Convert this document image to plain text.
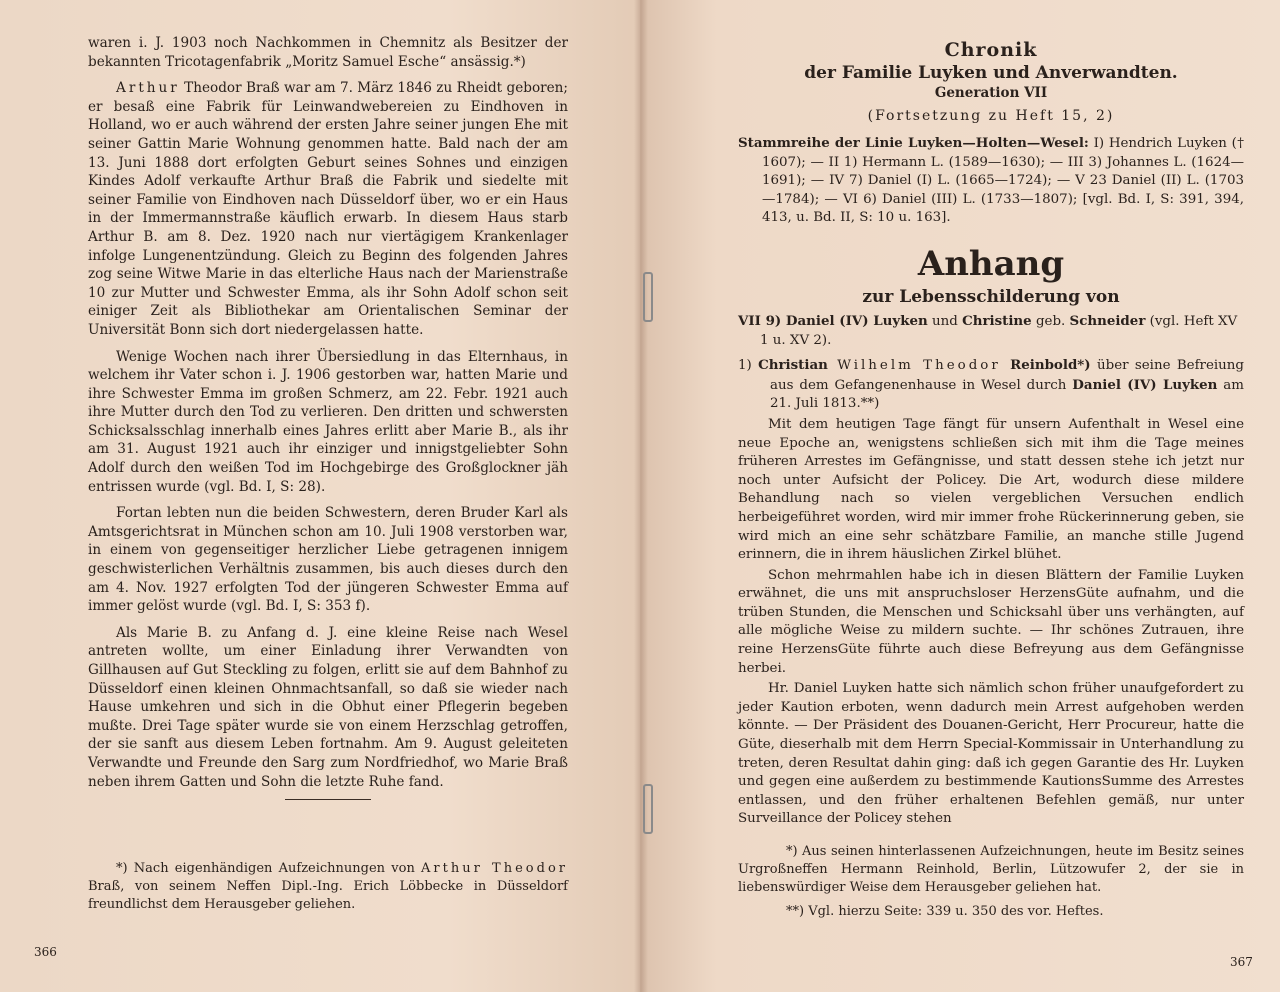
waren i. J. 1903 noch Nachkommen in Chemnitz als Besitzer der bekannten Tricotagenfabrik „Moritz Samuel Esche“ ansässig.*)

Arthur Theodor Braß war am 7. März 1846 zu Rheidt geboren; er besaß eine Fabrik für Leinwandwebereien zu Eindhoven in Holland, wo er auch während der ersten Jahre seiner jungen Ehe mit seiner Gattin Marie Wohnung genommen hatte. Bald nach der am 13. Juni 1888 dort erfolgten Geburt seines Sohnes und einzigen Kindes Adolf verkaufte Arthur Braß die Fabrik und siedelte mit seiner Familie von Eindhoven nach Düsseldorf über, wo er ein Haus in der Immermannstraße käuflich erwarb. In diesem Haus starb Arthur B. am 8. Dez. 1920 nach nur viertägigem Krankenlager infolge Lungenentzündung. Gleich zu Beginn des folgenden Jahres zog seine Witwe Marie in das elterliche Haus nach der Marienstraße 10 zur Mutter und Schwester Emma, als ihr Sohn Adolf schon seit einiger Zeit als Bibliothekar am Orientalischen Seminar der Universität Bonn sich dort niedergelassen hatte.

Wenige Wochen nach ihrer Übersiedlung in das Elternhaus, in welchem ihr Vater schon i. J. 1906 gestorben war, hatten Marie und ihre Schwester Emma im großen Schmerz, am 22. Febr. 1921 auch ihre Mutter durch den Tod zu verlieren. Den dritten und schwersten Schicksalsschlag innerhalb eines Jahres erlitt aber Marie B., als ihr am 31. August 1921 auch ihr einziger und innigstgeliebter Sohn Adolf durch den weißen Tod im Hochgebirge des Großglockner jäh entrissen wurde (vgl. Bd. I, S: 28).

Fortan lebten nun die beiden Schwestern, deren Bruder Karl als Amtsgerichtsrat in München schon am 10. Juli 1908 verstorben war, in einem von gegenseitiger herzlicher Liebe getragenen innigem geschwisterlichen Verhältnis zusammen, bis auch dieses durch den am 4. Nov. 1927 erfolgten Tod der jüngeren Schwester Emma auf immer gelöst wurde (vgl. Bd. I, S: 353 f).

Als Marie B. zu Anfang d. J. eine kleine Reise nach Wesel antreten wollte, um einer Einladung ihrer Verwandten von Gillhausen auf Gut Steckling zu folgen, erlitt sie auf dem Bahnhof zu Düsseldorf einen kleinen Ohnmachtsanfall, so daß sie wieder nach Hause umkehren und sich in die Obhut einer Pflegerin begeben mußte. Drei Tage später wurde sie von einem Herzschlag getroffen, der sie sanft aus diesem Leben fortnahm. Am 9. August geleiteten Verwandte und Freunde den Sarg zum Nordfriedhof, wo Marie Braß neben ihrem Gatten und Sohn die letzte Ruhe fand.

*) Nach eigenhändigen Aufzeichnungen von Arthur Theodor Braß, von seinem Neffen Dipl.-Ing. Erich Löbbecke in Düsseldorf freundlichst dem Herausgeber geliehen.
366

Chronik

der Familie Luyken und Anverwandten.

Generation VII

(Fortsetzung zu Heft 15, 2)

Stammreihe der Linie Luyken—Holten—Wesel: I) Hendrich Luyken († 1607); — II 1) Hermann L. (1589—1630); — III 3) Johannes L. (1624—1691); — IV 7) Daniel (I) L. (1665—1724); — V 23 Daniel (II) L. (1703—1784); — VI 6) Daniel (III) L. (1733—1807); [vgl. Bd. I, S: 391, 394, 413, u. Bd. II, S: 10 u. 163].

Anhang

zur Lebensschilderung von

VII 9) Daniel (IV) Luyken und Christine geb. Schneider (vgl. Heft XV 1 u. XV 2).

1) Christian Wilhelm Theodor Reinbold*) über seine Befreiung aus dem Gefangenenhause in Wesel durch Daniel (IV) Luyken am 21. Juli 1813.**)

Mit dem heutigen Tage fängt für unsern Aufenthalt in Wesel eine neue Epoche an, wenigstens schließen sich mit ihm die Tage meines früheren Arrestes im Gefängnisse, und statt dessen stehe ich jetzt nur noch unter Aufsicht der Policey. Die Art, wodurch diese mildere Behandlung nach so vielen vergeblichen Versuchen endlich herbeigeführet worden, wird mir immer frohe Rückerinnerung geben, sie wird mich an eine sehr schätzbare Familie, an manche stille Jugend erinnern, die in ihrem häuslichen Zirkel blühet.

Schon mehrmahlen habe ich in diesen Blättern der Familie Luyken erwähnet, die uns mit anspruchsloser HerzensGüte aufnahm, und die trüben Stunden, die Menschen und Schicksahl über uns verhängten, auf alle mögliche Weise zu mildern suchte. — Ihr schönes Zutrauen, ihre reine HerzensGüte führte auch diese Befreyung aus dem Gefängnisse herbei.

Hr. Daniel Luyken hatte sich nämlich schon früher unaufgefordert zu jeder Kaution erboten, wenn dadurch mein Arrest aufgehoben werden könnte. — Der Präsident des Douanen-Gericht, Herr Procureur, hatte die Güte, dieserhalb mit dem Herrn Special-Kommissair in Unterhandlung zu treten, deren Resultat dahin ging: daß ich gegen Garantie des Hr. Luyken und gegen eine außerdem zu bestimmende KautionsSumme des Arrestes entlassen, und den früher erhaltenen Befehlen gemäß, nur unter Surveillance der Policey stehen

*) Aus seinen hinterlassenen Aufzeichnungen, heute im Besitz seines Urgroßneffen Hermann Reinhold, Berlin, Lützowufer 2, der sie in liebenswürdiger Weise dem Herausgeber geliehen hat.
**) Vgl. hierzu Seite: 339 u. 350 des vor. Heftes.
367
